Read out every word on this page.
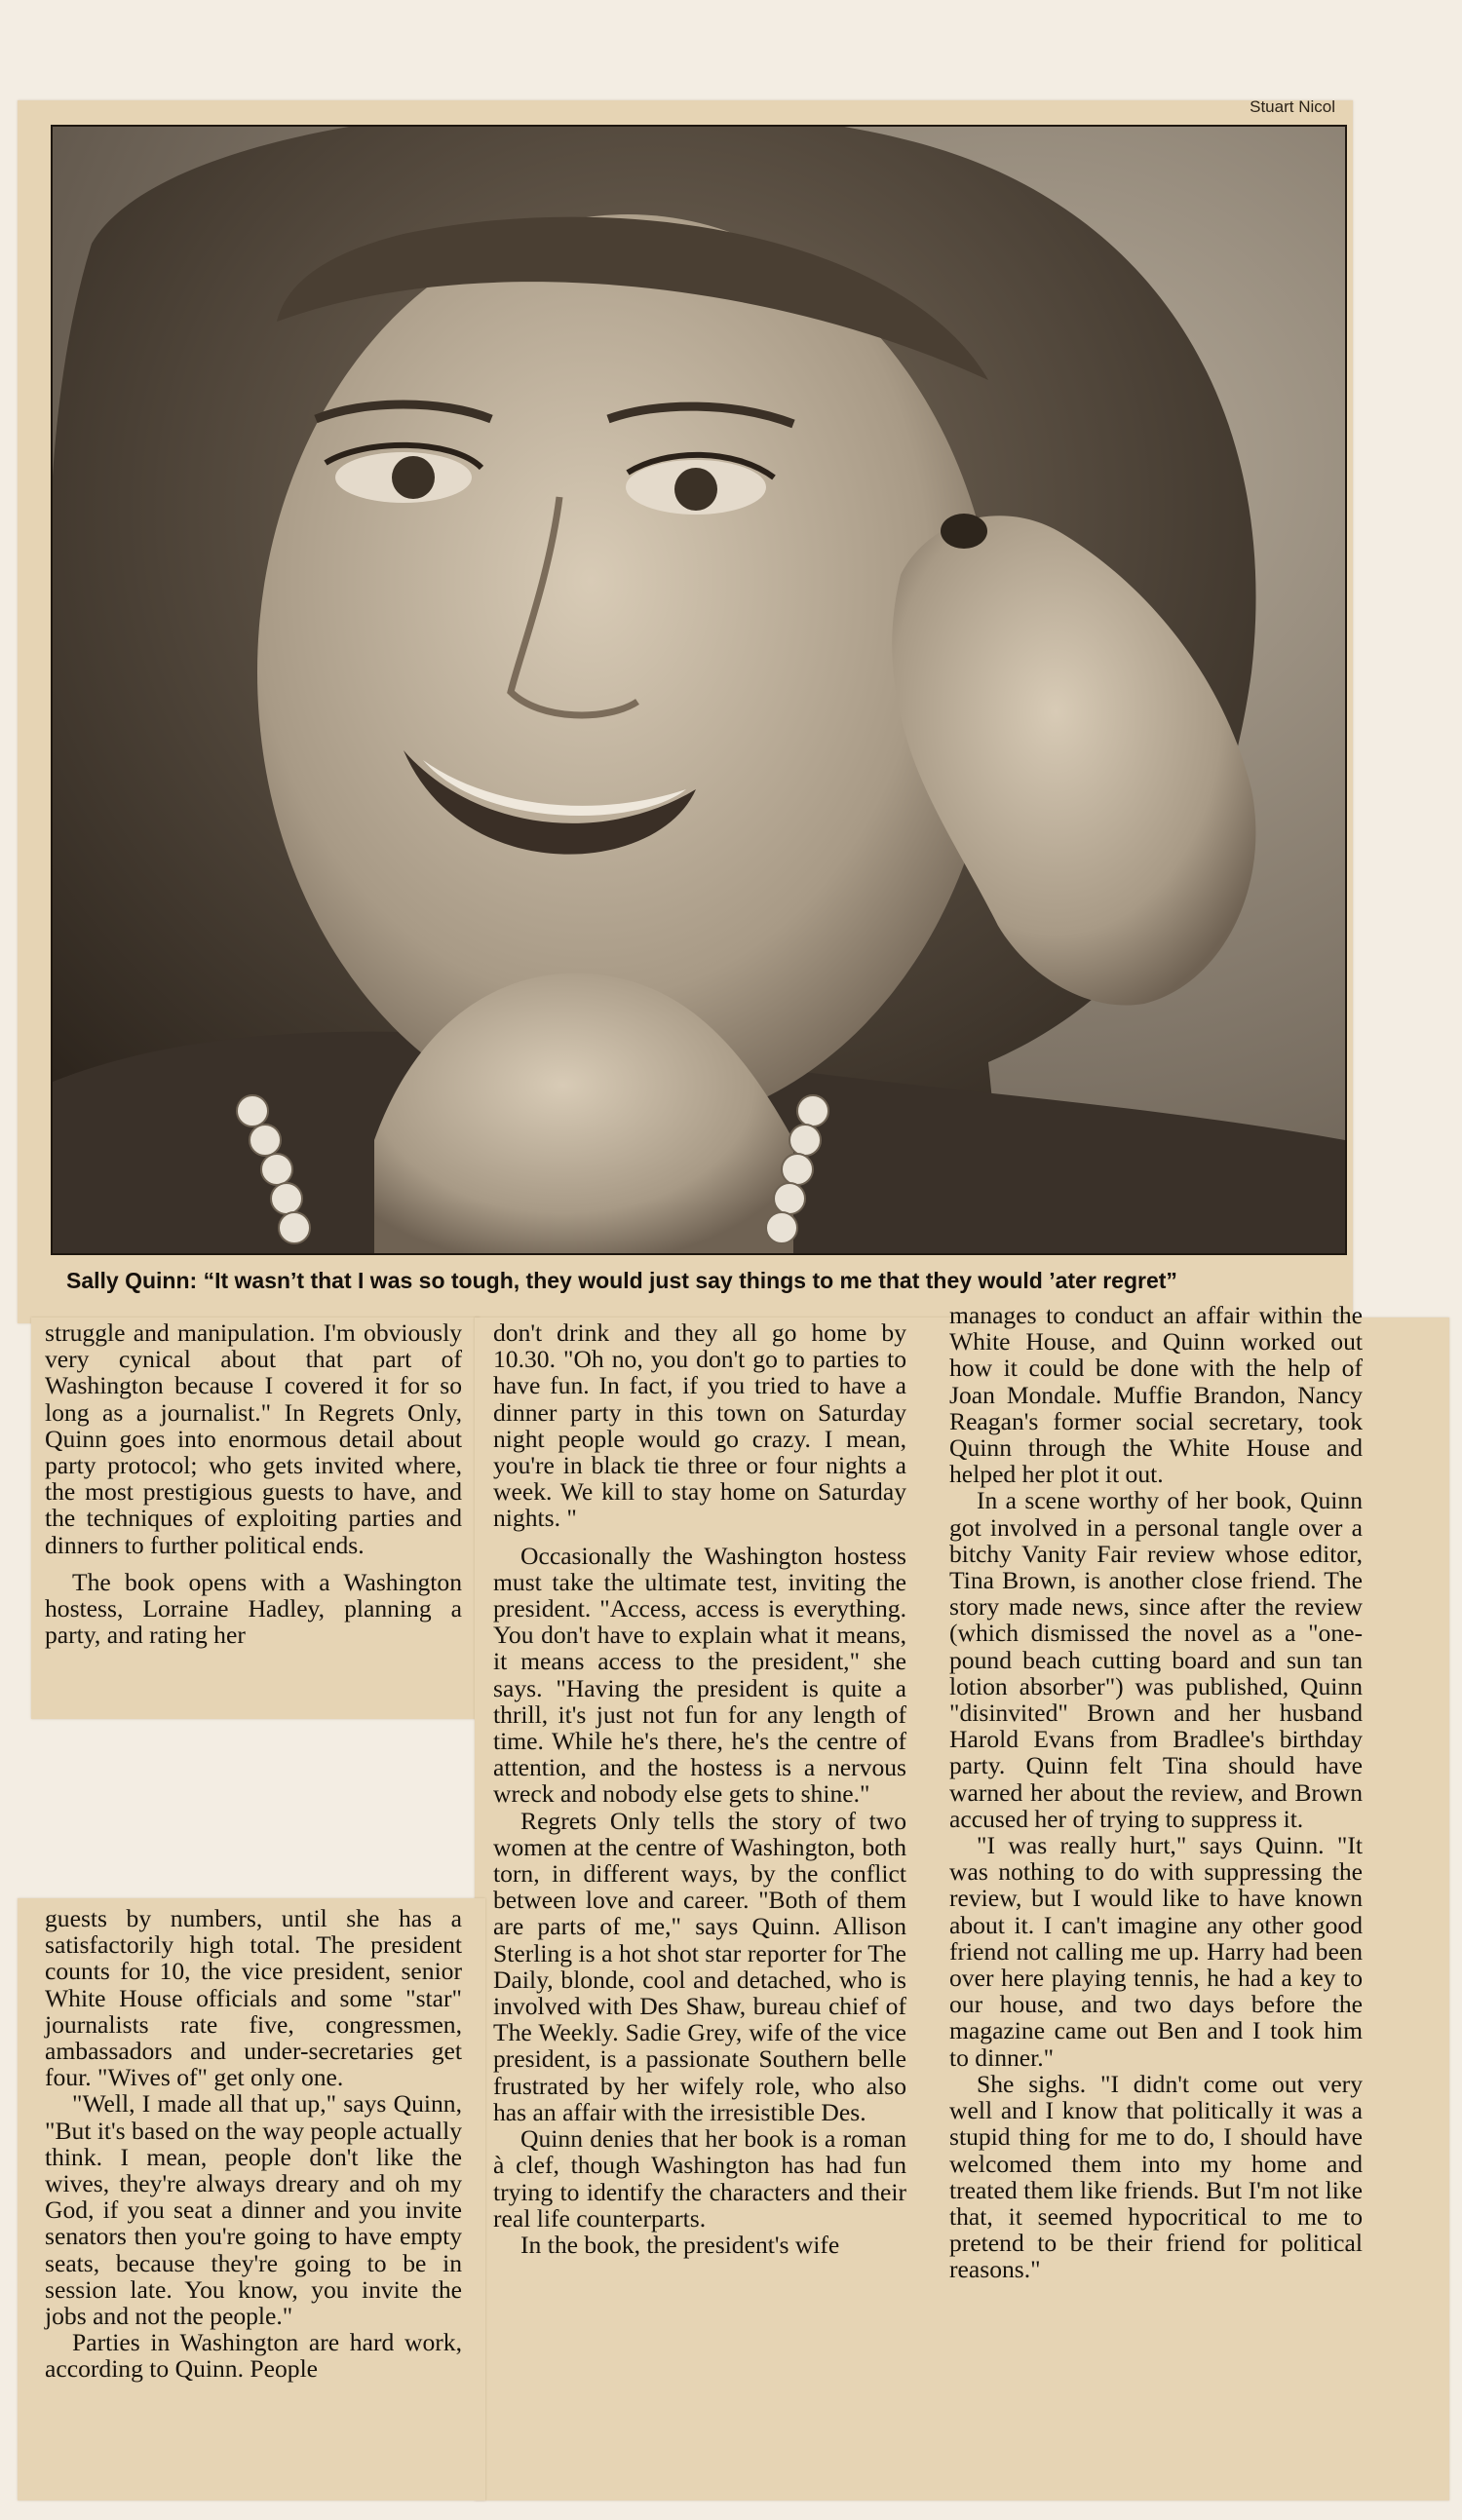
Stuart Nicol
Sally Quinn: “It wasn’t that I was so tough, they would just say things to me that they would ’ater regret”

struggle and manipulation. I'm obviously very cynical about that part of Washington because I covered it for so long as a journalist." In Regrets Only, Quinn goes into enormous detail about party protocol; who gets invited where, the most prestigious guests to have, and the techniques of exploiting parties and dinners to further political ends.

The book opens with a Washington hostess, Lorraine Hadley, planning a party, and rating her

guests by numbers, until she has a satisfactorily high total. The president counts for 10, the vice president, senior White House officials and some "star" journalists rate five, congressmen, ambassadors and under-secretaries get four. "Wives of" get only one.

"Well, I made all that up," says Quinn, "But it's based on the way people actually think. I mean, people don't like the wives, they're always dreary and oh my God, if you seat a dinner and you invite senators then you're going to have empty seats, because they're going to be in session late. You know, you invite the jobs and not the people."

Parties in Washington are hard work, according to Quinn. People

don't drink and they all go home by 10.30. "Oh no, you don't go to parties to have fun. In fact, if you tried to have a dinner party in this town on Saturday night people would go crazy. I mean, you're in black tie three or four nights a week. We kill to stay home on Saturday nights. "

Occasionally the Washington hostess must take the ultimate test, inviting the president. "Access, access is everything. You don't have to explain what it means, it means access to the president," she says. "Having the president is quite a thrill, it's just not fun for any length of time. While he's there, he's the centre of attention, and the hostess is a nervous wreck and nobody else gets to shine."

Regrets Only tells the story of two women at the centre of Washington, both torn, in different ways, by the conflict between love and career. "Both of them are parts of me," says Quinn. Allison Sterling is a hot shot star reporter for The Daily, blonde, cool and detached, who is involved with Des Shaw, bureau chief of The Weekly. Sadie Grey, wife of the vice president, is a passionate Southern belle frustrated by her wifely role, who also has an affair with the irresistible Des.

Quinn denies that her book is a roman à clef, though Washington has had fun trying to identify the characters and their real life counterparts.

In the book, the president's wife

manages to conduct an affair within the White House, and Quinn worked out how it could be done with the help of Joan Mondale. Muffie Brandon, Nancy Reagan's former social secretary, took Quinn through the White House and helped her plot it out.

In a scene worthy of her book, Quinn got involved in a personal tangle over a bitchy Vanity Fair review whose editor, Tina Brown, is another close friend. The story made news, since after the review (which dismissed the novel as a "one-pound beach cutting board and sun tan lotion absorber") was published, Quinn "disinvited" Brown and her husband Harold Evans from Bradlee's birthday party. Quinn felt Tina should have warned her about the review, and Brown accused her of trying to suppress it.

"I was really hurt," says Quinn. "It was nothing to do with suppressing the review, but I would like to have known about it. I can't imagine any other good friend not calling me up. Harry had been over here playing tennis, he had a key to our house, and two days before the magazine came out Ben and I took him to dinner."

She sighs. "I didn't come out very well and I know that politically it was a stupid thing for me to do, I should have welcomed them into my home and treated them like friends. But I'm not like that, it seemed hypocritical to me to pretend to be their friend for political reasons."
